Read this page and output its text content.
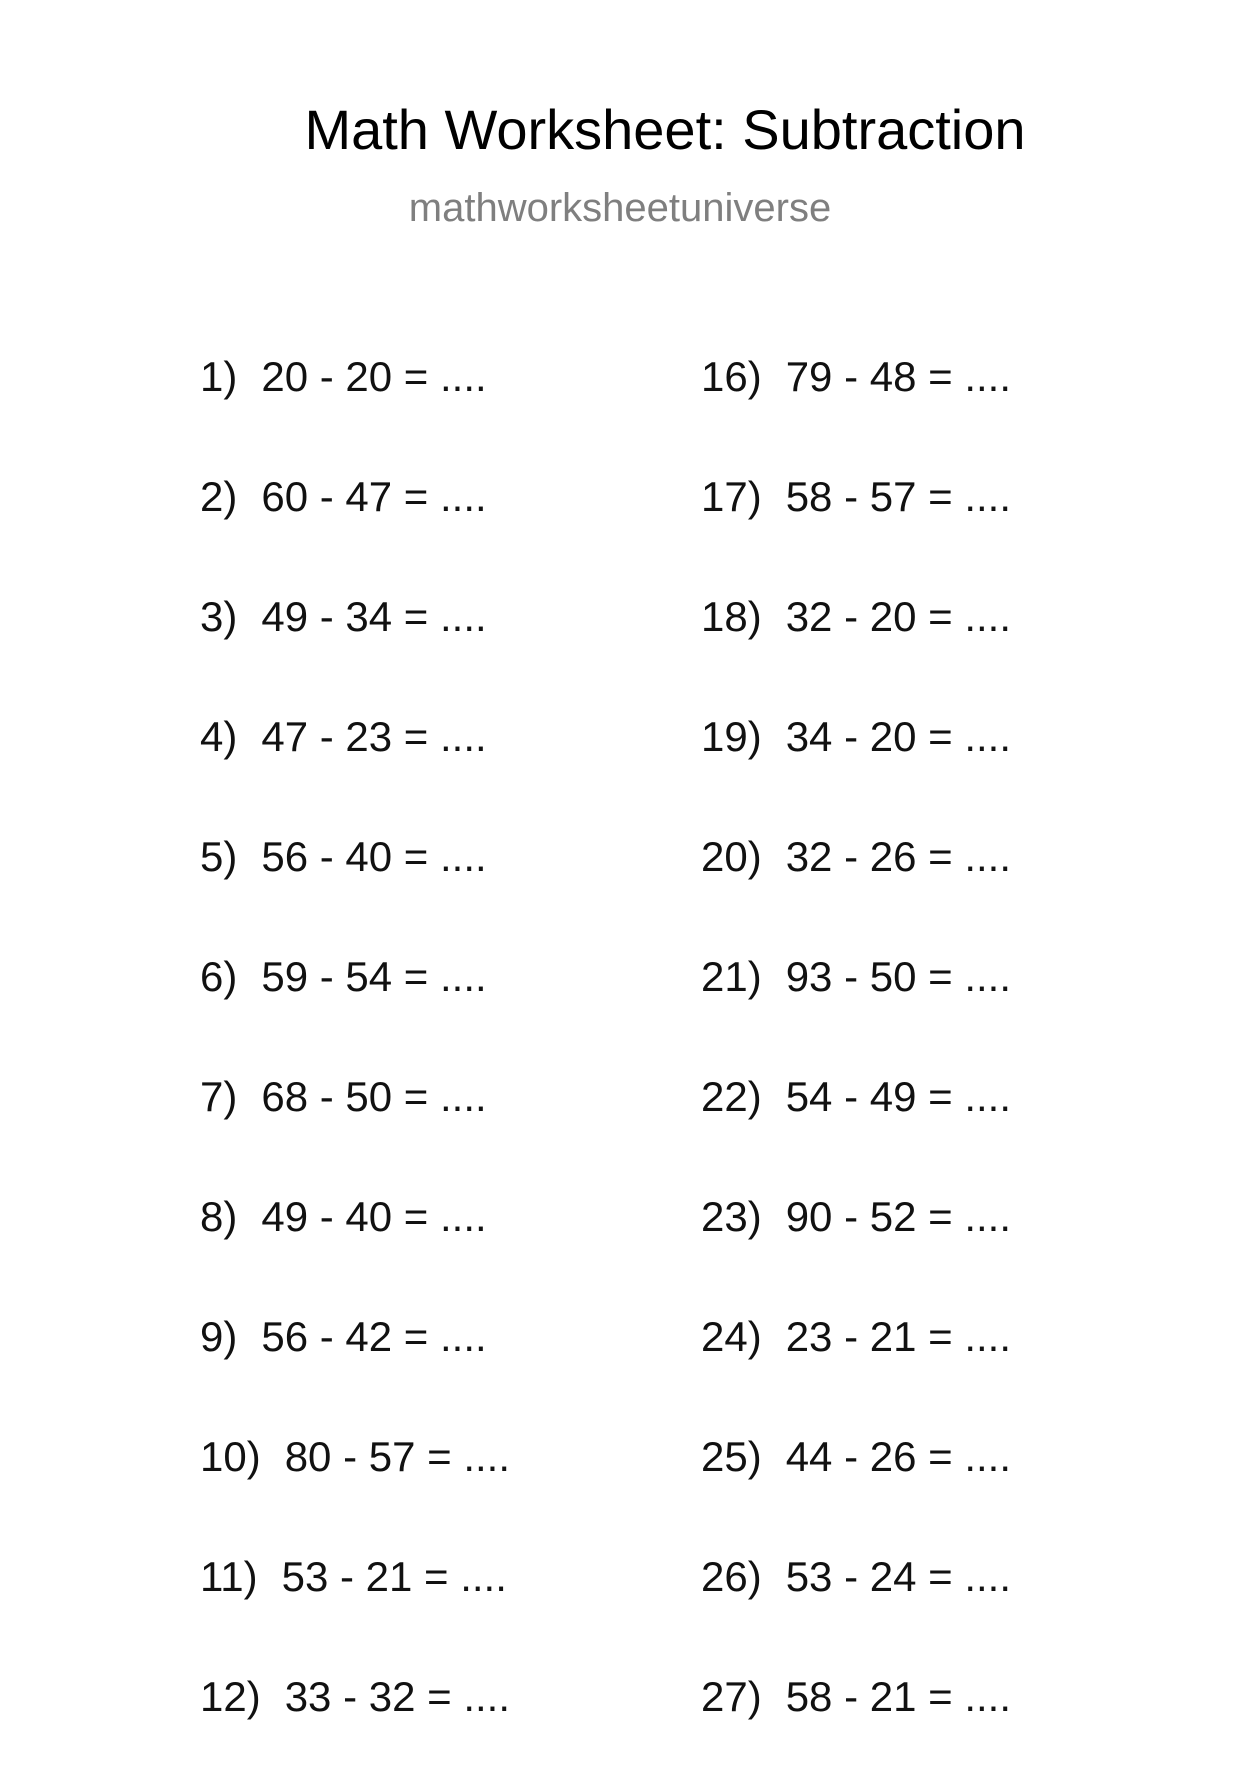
Math Worksheet: Subtraction
mathworksheetuniverse
1) 20 - 20 = ....
2) 60 - 47 = ....
3) 49 - 34 = ....
4) 47 - 23 = ....
5) 56 - 40 = ....
6) 59 - 54 = ....
7) 68 - 50 = ....
8) 49 - 40 = ....
9) 56 - 42 = ....
10) 80 - 57 = ....
11) 53 - 21 = ....
12) 33 - 32 = ....
16) 79 - 48 = ....
17) 58 - 57 = ....
18) 32 - 20 = ....
19) 34 - 20 = ....
20) 32 - 26 = ....
21) 93 - 50 = ....
22) 54 - 49 = ....
23) 90 - 52 = ....
24) 23 - 21 = ....
25) 44 - 26 = ....
26) 53 - 24 = ....
27) 58 - 21 = ....
